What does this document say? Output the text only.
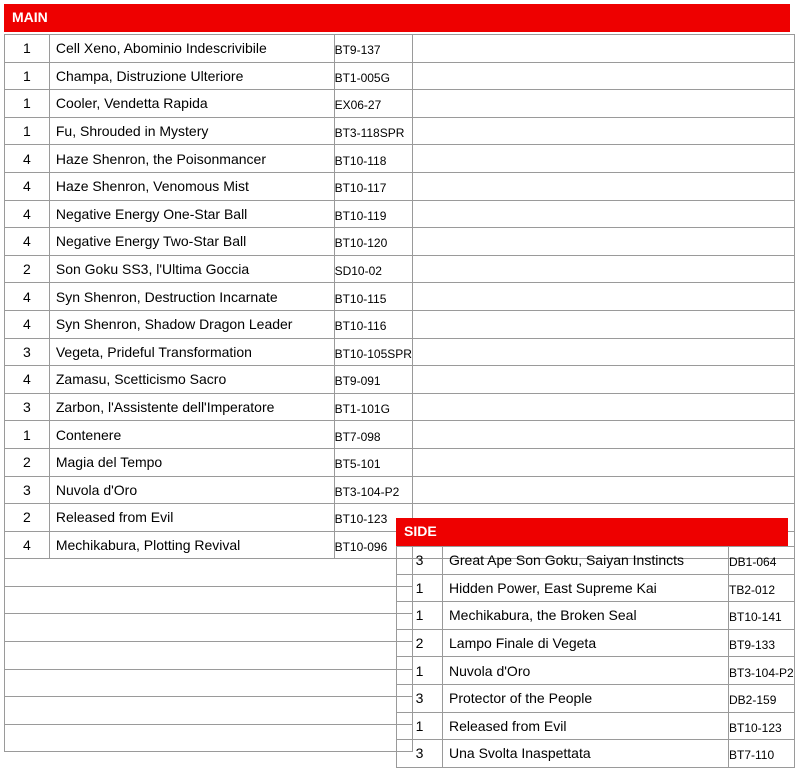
MAIN
1	Cell Xeno, Abominio Indescrivibile	BT9-137	
1	Champa, Distruzione Ulteriore	BT1-005G	
1	Cooler, Vendetta Rapida	EX06-27	
1	Fu, Shrouded in Mystery	BT3-118SPR	
4	Haze Shenron, the Poisonmancer	BT10-118	
4	Haze Shenron, Venomous Mist	BT10-117	
4	Negative Energy One-Star Ball	BT10-119	
4	Negative Energy Two-Star Ball	BT10-120	
2	Son Goku SS3, l'Ultima Goccia	SD10-02	
4	Syn Shenron, Destruction Incarnate	BT10-115	
4	Syn Shenron, Shadow Dragon Leader	BT10-116	
3	Vegeta, Prideful Transformation	BT10-105SPR	
4	Zamasu, Scetticismo Sacro	BT9-091	
3	Zarbon, l'Assistente dell'Imperatore	BT1-101G	
1	Contenere	BT7-098	
2	Magia del Tempo	BT5-101	
3	Nuvola d'Oro	BT3-104-P2	
2	Released from Evil	BT10-123	
4	Mechikabura, Plotting Revival	BT10-096	

SIDE
3	Great Ape Son Goku, Saiyan Instincts	DB1-064
1	Hidden Power, East Supreme Kai	TB2-012
1	Mechikabura, the Broken Seal	BT10-141
2	Lampo Finale di Vegeta	BT9-133
1	Nuvola d'Oro	BT3-104-P2
3	Protector of the People	DB2-159
1	Released from Evil	BT10-123
3	Una Svolta Inaspettata	BT7-110
